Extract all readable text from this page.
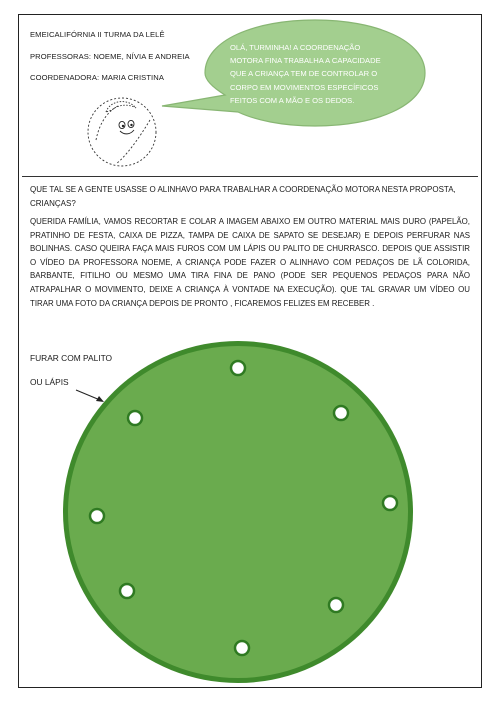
EMEICALIFÓRNIA II TURMA DA LELÊ
PROFESSORAS: NOEME, NÍVIA E ANDREIA
COORDENADORA: MARIA CRISTINA
OLÁ, TURMINHA! A COORDENAÇÃO
MOTORA FINA TRABALHA A CAPACIDADE
QUE A CRIANÇA TEM DE CONTROLAR O
CORPO EM MOVIMENTOS ESPECÍFICOS
FEITOS COM A MÃO E OS DEDOS.
QUE TAL SE A GENTE USASSE O ALINHAVO PARA TRABALHAR A COORDENAÇÃO MOTORA NESTA PROPOSTA, CRIANÇAS?
QUERIDA FAMÍLIA, VAMOS RECORTAR E COLAR A IMAGEM ABAIXO EM OUTRO MATERIAL MAIS DURO (PAPELÃO, PRATINHO DE FESTA, CAIXA DE PIZZA, TAMPA DE CAIXA DE SAPATO SE DESEJAR) E DEPOIS PERFURAR NAS BOLINHAS. CASO QUEIRA FAÇA MAIS FUROS COM UM LÁPIS OU PALITO DE CHURRASCO. DEPOIS QUE ASSISTIR O VÍDEO DA PROFESSORA NOEME, A CRIANÇA PODE FAZER O ALINHAVO COM PEDAÇOS DE LÃ COLORIDA, BARBANTE, FITILHO OU MESMO UMA TIRA FINA DE PANO (PODE SER PEQUENOS PEDAÇOS PARA NÃO ATRAPALHAR O MOVIMENTO, DEIXE A CRIANÇA À VONTADE NA EXECUÇÃO). QUE TAL GRAVAR UM VÍDEO OU TIRAR UMA FOTO DA CRIANÇA DEPOIS DE PRONTO , FICAREMOS FELIZES EM RECEBER .
FURAR COM PALITO
OU LÁPIS
